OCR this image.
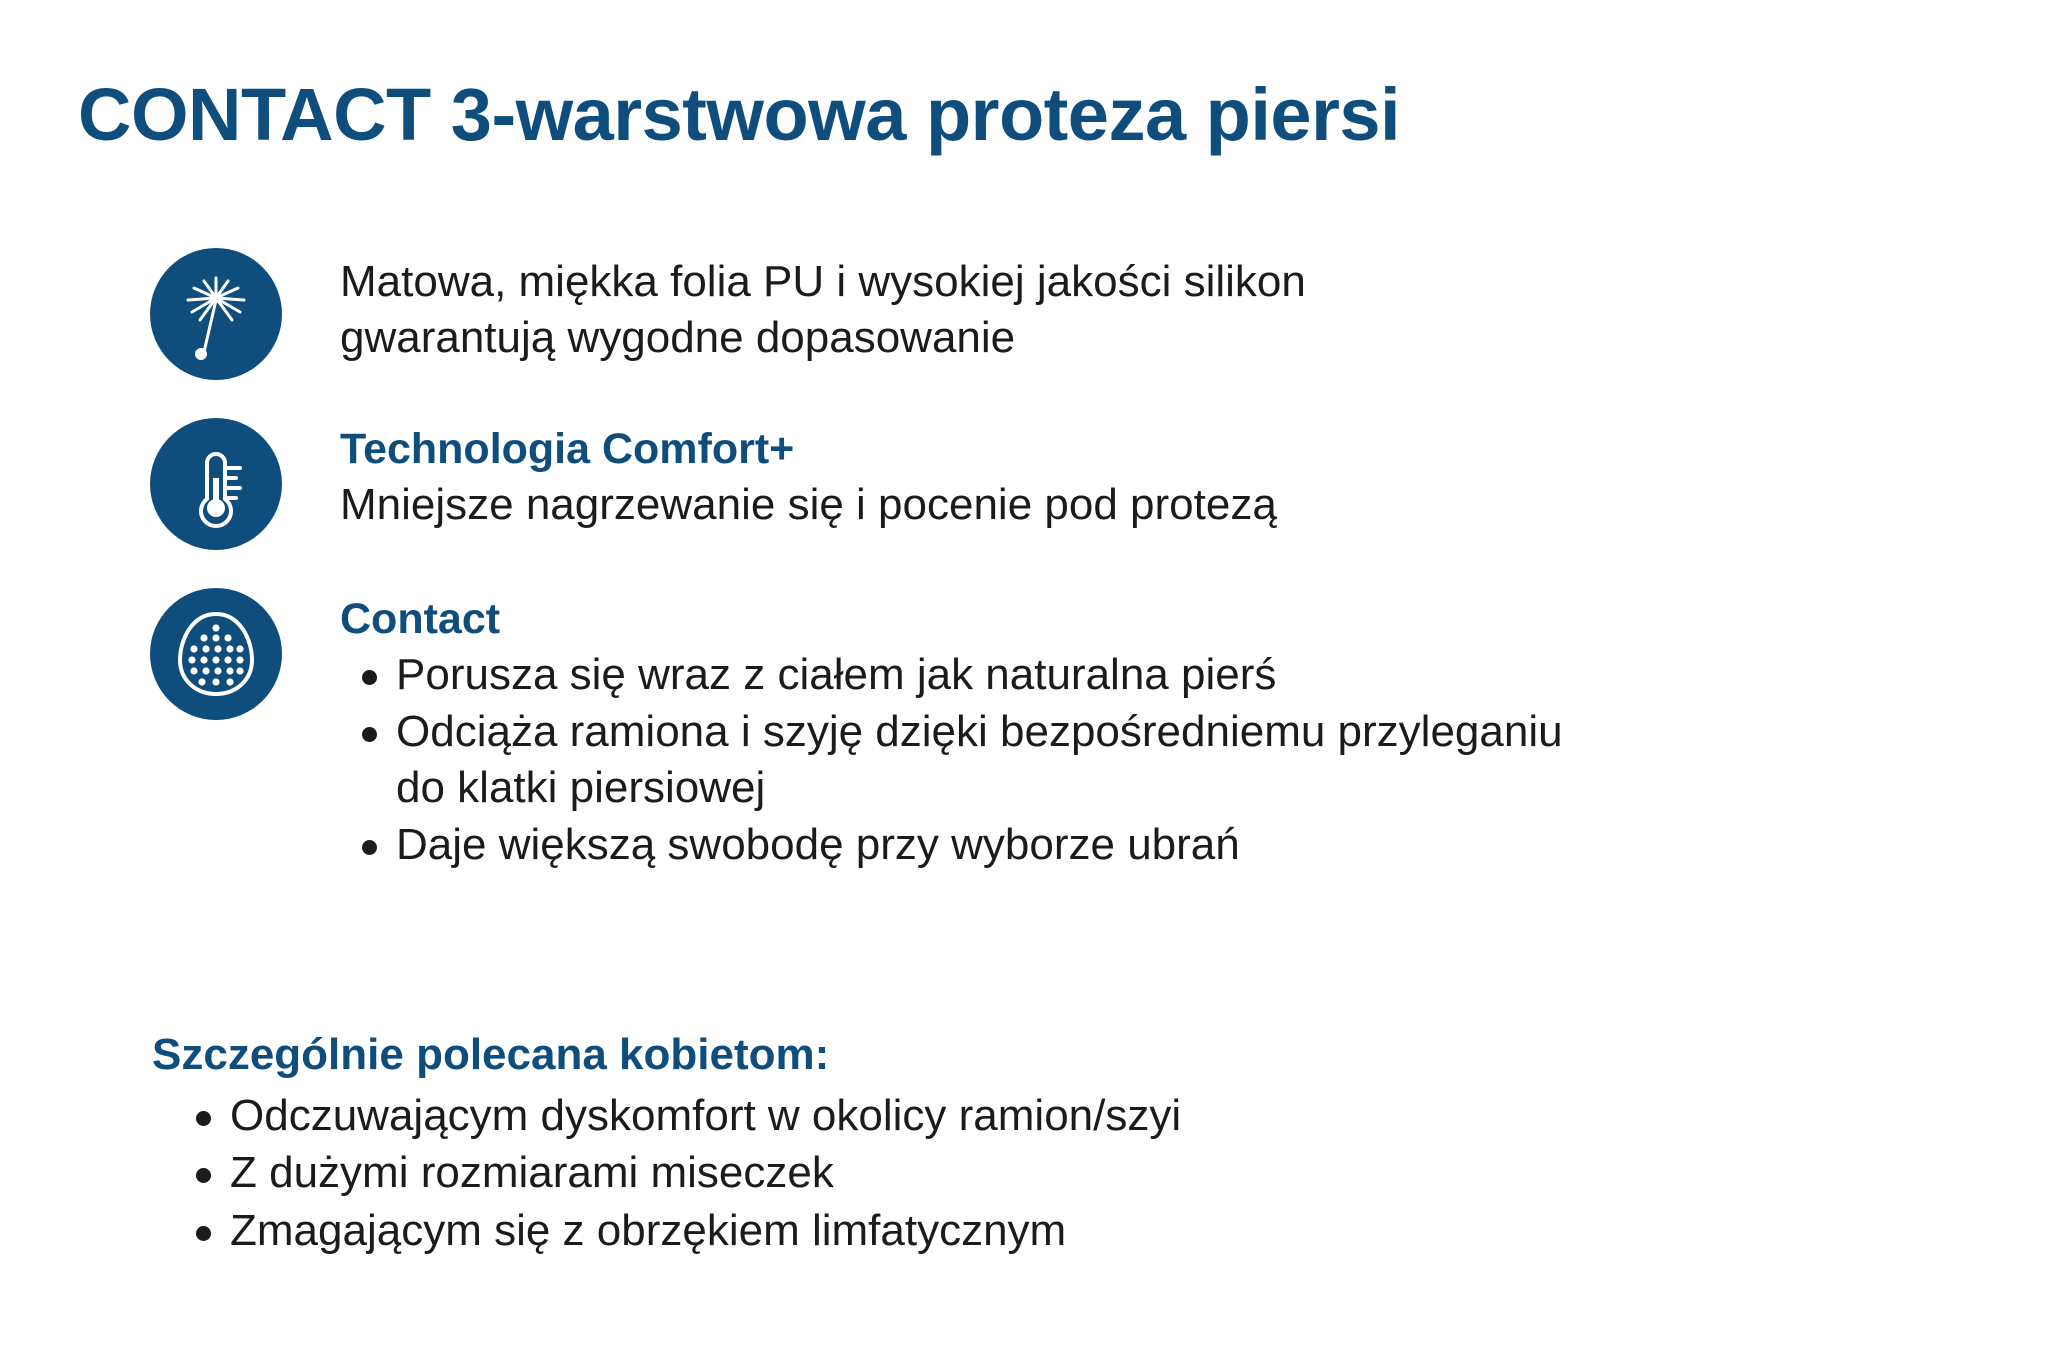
CONTACT 3-warstwowa proteza piersi
Matowa, miękka folia PU i wysokiej jakości silikon
gwarantują wygodne dopasowanie
Technologia Comfort+
Mniejsze nagrzewanie się i pocenie pod protezą
Contact
Porusza się wraz z ciałem jak naturalna pierś
Odciąża ramiona i szyję dzięki bezpośredniemu przyleganiu
do klatki piersiowej
Daje większą swobodę przy wyborze ubrań
Szczególnie polecana kobietom:
Odczuwającym dyskomfort w okolicy ramion/szyi
Z dużymi rozmiarami miseczek
Zmagającym się z obrzękiem limfatycznym
